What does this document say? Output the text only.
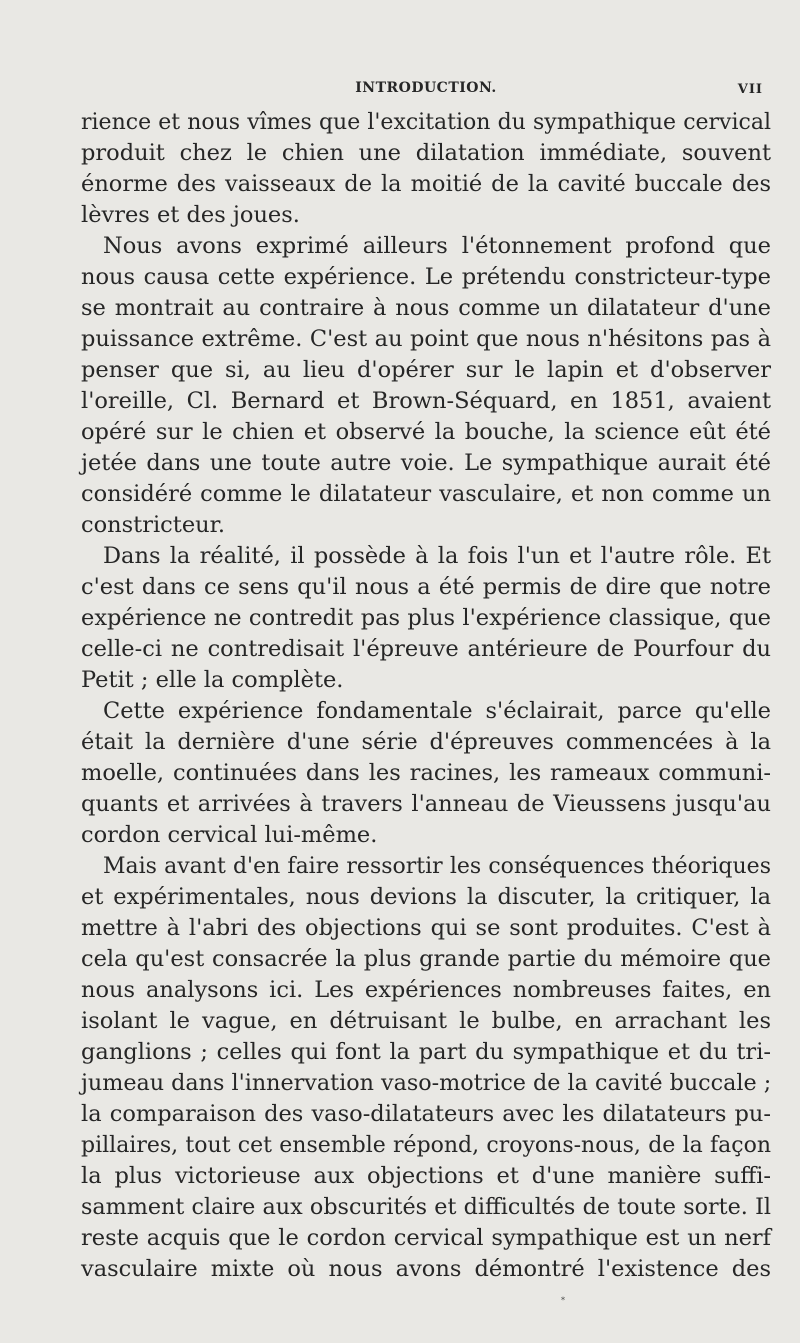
INTRODUCTION.	VII
rience et nous vîmes que l'excitation du sympathique cervical
produit chez le chien une dilatation immédiate, souvent
énorme des vaisseaux de la moitié de la cavité buccale des
lèvres et des joues.
Nous avons exprimé ailleurs l'étonnement profond que
nous causa cette expérience. Le prétendu constricteur-type
se montrait au contraire à nous comme un dilatateur d'une
puissance extrême. C'est au point que nous n'hésitons pas à
penser que si, au lieu d'opérer sur le lapin et d'observer
l'oreille, Cl. Bernard et Brown-Séquard, en 1851, avaient
opéré sur le chien et observé la bouche, la science eût été
jetée dans une toute autre voie. Le sympathique aurait été
considéré comme le dilatateur vasculaire, et non comme un
constricteur.
Dans la réalité, il possède à la fois l'un et l'autre rôle. Et
c'est dans ce sens qu'il nous a été permis de dire que notre
expérience ne contredit pas plus l'expérience classique, que
celle-ci ne contredisait l'épreuve antérieure de Pourfour du
Petit ; elle la complète.
Cette expérience fondamentale s'éclairait, parce qu'elle
était la dernière d'une série d'épreuves commencées à la
moelle, continuées dans les racines, les rameaux communi-
quants et arrivées à travers l'anneau de Vieussens jusqu'au
cordon cervical lui-même.
Mais avant d'en faire ressortir les conséquences théoriques
et expérimentales, nous devions la discuter, la critiquer, la
mettre à l'abri des objections qui se sont produites. C'est à
cela qu'est consacrée la plus grande partie du mémoire que
nous analysons ici. Les expériences nombreuses faites, en
isolant le vague, en détruisant le bulbe, en arrachant les
ganglions ; celles qui font la part du sympathique et du tri-
jumeau dans l'innervation vaso-motrice de la cavité buccale ;
la comparaison des vaso-dilatateurs avec les dilatateurs pu-
pillaires, tout cet ensemble répond, croyons-nous, de la façon
la plus victorieuse aux objections et d'une manière suffi-
samment claire aux obscurités et difficultés de toute sorte. Il
reste acquis que le cordon cervical sympathique est un nerf
vasculaire mixte où nous avons démontré l'existence des
*
